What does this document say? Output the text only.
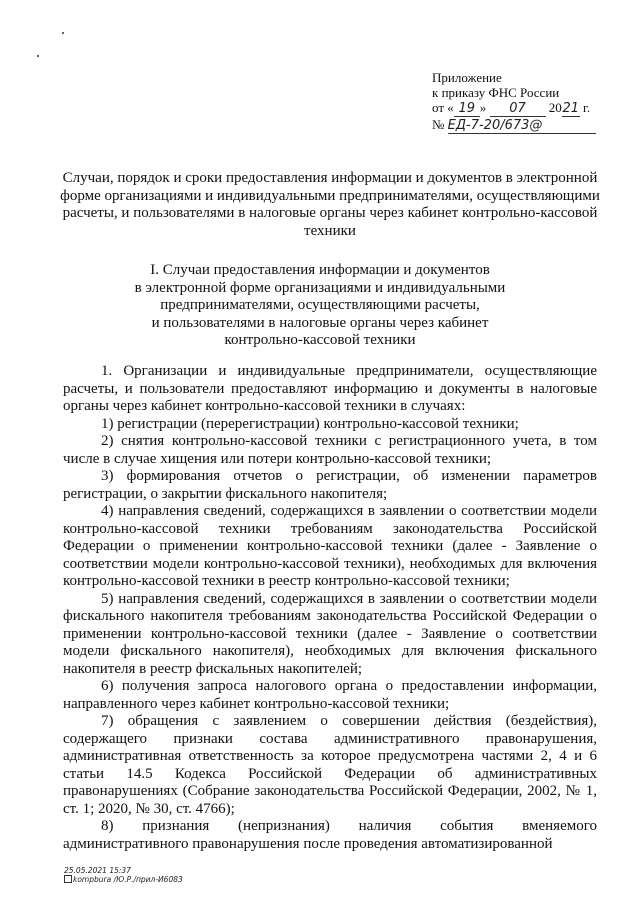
Приложение
к приказу ФНС России
от « 19 » 07 2021 г.
№ ЕД-7-20/673@
Случаи, порядок и сроки предоставления информации и документов в электронной форме организациями и индивидуальными предпринимателями, осуществляющими расчеты, и пользователями в налоговые органы через кабинет контрольно-кассовой техники
I. Случаи предоставления информации и документов
в электронной форме организациями и индивидуальными
предпринимателями, осуществляющими расчеты,
и пользователями в налоговые органы через кабинет
контрольно-кассовой техники

1. Организации и индивидуальные предприниматели, осуществляющие расчеты, и пользователи предоставляют информацию и документы в налоговые органы через кабинет контрольно-кассовой техники в случаях:

1) регистрации (перерегистрации) контрольно-кассовой техники;

2) снятия контрольно-кассовой техники с регистрационного учета, в том числе в случае хищения или потери контрольно-кассовой техники;

3) формирования отчетов о регистрации, об изменении параметров регистрации, о закрытии фискального накопителя;

4) направления сведений, содержащихся в заявлении о соответствии модели контрольно-кассовой техники требованиям законодательства Российской Федерации о применении контрольно-кассовой техники (далее - Заявление о соответствии модели контрольно-кассовой техники), необходимых для включения контрольно-кассовой техники в реестр контрольно-кассовой техники;

5) направления сведений, содержащихся в заявлении о соответствии модели фискального накопителя требованиям законодательства Российской Федерации о применении контрольно-кассовой техники (далее - Заявление о соответствии модели фискального накопителя), необходимых для включения фискального накопителя в реестр фискальных накопителей;

6) получения запроса налогового органа о предоставлении информации, направленного через кабинет контрольно-кассовой техники;

7) обращения с заявлением о совершении действия (бездействия), содержащего признаки состава административного правонарушения, административная ответственность за которое предусмотрена частями 2, 4 и 6 статьи 14.5 Кодекса Российской Федерации об административных правонарушениях (Собрание законодательства Российской Федерации, 2002, № 1, ст. 1; 2020, № 30, ст. 4766);

8) признания (непризнания) наличия события вменяемого административного правонарушения после проведения автоматизированной

25.05.2021 15:37
kompbura /Ю.Р./прил-И6083
